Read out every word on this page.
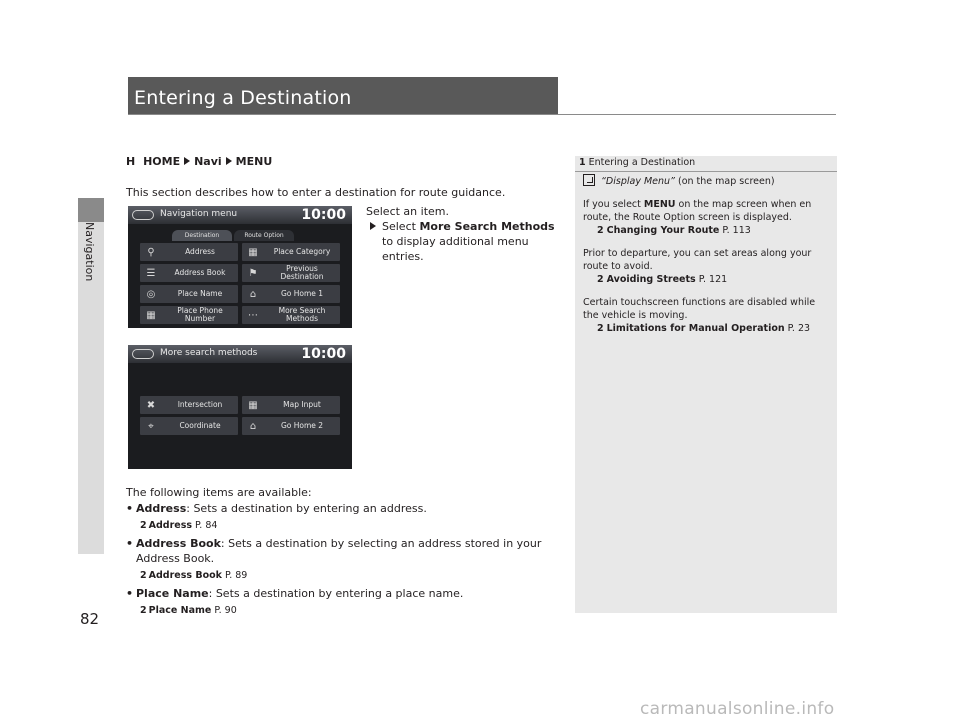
Navigation
Entering a Destination
H HOME Navi MENU
This section describes how to enter a destination for route guidance.
Select an item.
Select More Search Methods to display additional menu entries.
Navigation menu	10:00
Destination	Route Option
⚲	Address	▦	Place Category
☰	Address Book	⚑	Previous Destination
◎	Place Name	⌂	Go Home 1
▦	Place Phone Number	⋯	More Search Methods
More search methods	10:00
✖	Intersection	▦	Map Input
⌖	Coordinate	⌂	Go Home 2
The following items are available:
• Address: Sets a destination by entering an address.
2 Address P. 84
• Address Book: Sets a destination by selecting an address stored in your Address Book.
2 Address Book P. 89
• Place Name: Sets a destination by entering a place name.
2 Place Name P. 90
1 Entering a Destination

“Display Menu” (on the map screen)

If you select MENU on the map screen when en route, the Route Option screen is displayed.
2 Changing Your Route P. 113

Prior to departure, you can set areas along your route to avoid.
2 Avoiding Streets P. 121

Certain touchscreen functions are disabled while the vehicle is moving.
2 Limitations for Manual Operation P. 23

82
carmanualsonline.info
